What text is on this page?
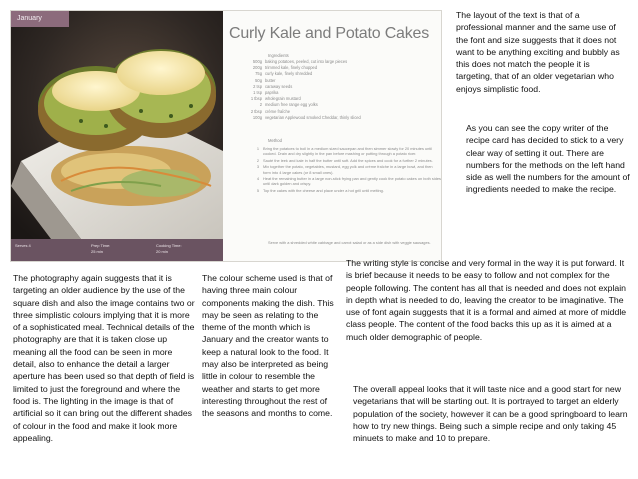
January
Serves 4	Prep Time:
25 min
Cooking Time:
20 min
Curly Kale and Potato Cakes
Ingredients
500g baking potatoes, peeled, cut into large pieces
200g trimmed kale, finely chopped
75g curly kale, finely shredded
50g butter
2 tsp caraway seeds
1 tsp paprika
1 tbsp wholegrain mustard
2 medium free range egg yolks
2 tbsp crème fraîche
100g vegetarian Applewood smoked Cheddar, thinly sliced
Method
1	Bring the potatoes to boil in a medium sized saucepan and then simmer slowly for 20 minutes until cooked. Drain and dry slightly in the pan before mashing or putting through a potato ricer.
2	Sauté the leek and kale in half the butter until soft. Add the spices and cook for a further 2 minutes.
3	Mix together the potato, vegetables, mustard, egg yolk and crème fraîche in a large bowl, and then form into 4 large cakes (or 8 small ones).
4	Heat the remaining butter in a large non-stick frying pan and gently cook the potato cakes on both sides until dark golden and crispy.
5	Top the cakes with the cheese and place under a hot grill until melting.
Serve with a shredded white cabbage and carrot salad or as a side dish with veggie sausages.
The layout of the text is that of a professional manner and the same use of the font and size suggests that it does not want to be anything exciting and bubbly as this does not match the people it is targeting, that of an older vegetarian who enjoys simplistic food.
As you can see the copy writer of the recipe card has decided to stick to a very clear way of setting it out. There are numbers for the methods on the left hand side as well the numbers for the amount of ingredients needed to make the recipe.
The photography again suggests that it is targeting an older audience by the use of the square dish and also the image contains two or three simplistic colours implying that it is more of a sophisticated meal. Technical details of the photography are that it is taken close up meaning all the food can be seen in more detail, also to enhance the detail a larger aperture has been used so that depth of field is limited to just the foreground and where the food is. The lighting in the image is that of artificial so it can bring out the different shades of colour in the food and make it look more appealing.
The colour scheme used is that of having three main colour components making the dish. This may be seen as relating to the theme of the month which is January and the creator wants to keep a natural look to the food. It may also be interpreted as being little in colour to resemble the weather and starts to get more interesting throughout the rest of the seasons and months to come.
The writing style is concise and very formal in the way it is put forward. It is brief because it needs to be easy to follow and not complex for the people following. The content has all that is needed and does not explain in depth what is needed to do, leaving the creator to be imaginative. The use of font again suggests that it is a formal and aimed at more of middle class people. The content of the food backs this up as it is aimed at a much older demographic of people.
The overall appeal looks that it will taste nice and a good start for new vegetarians that will be starting out. It is portrayed to target an elderly population of the society, however it can be a good springboard to learn how to try new things. Being such a simple recipe and only taking 45 minuets to make and 10 to prepare.
